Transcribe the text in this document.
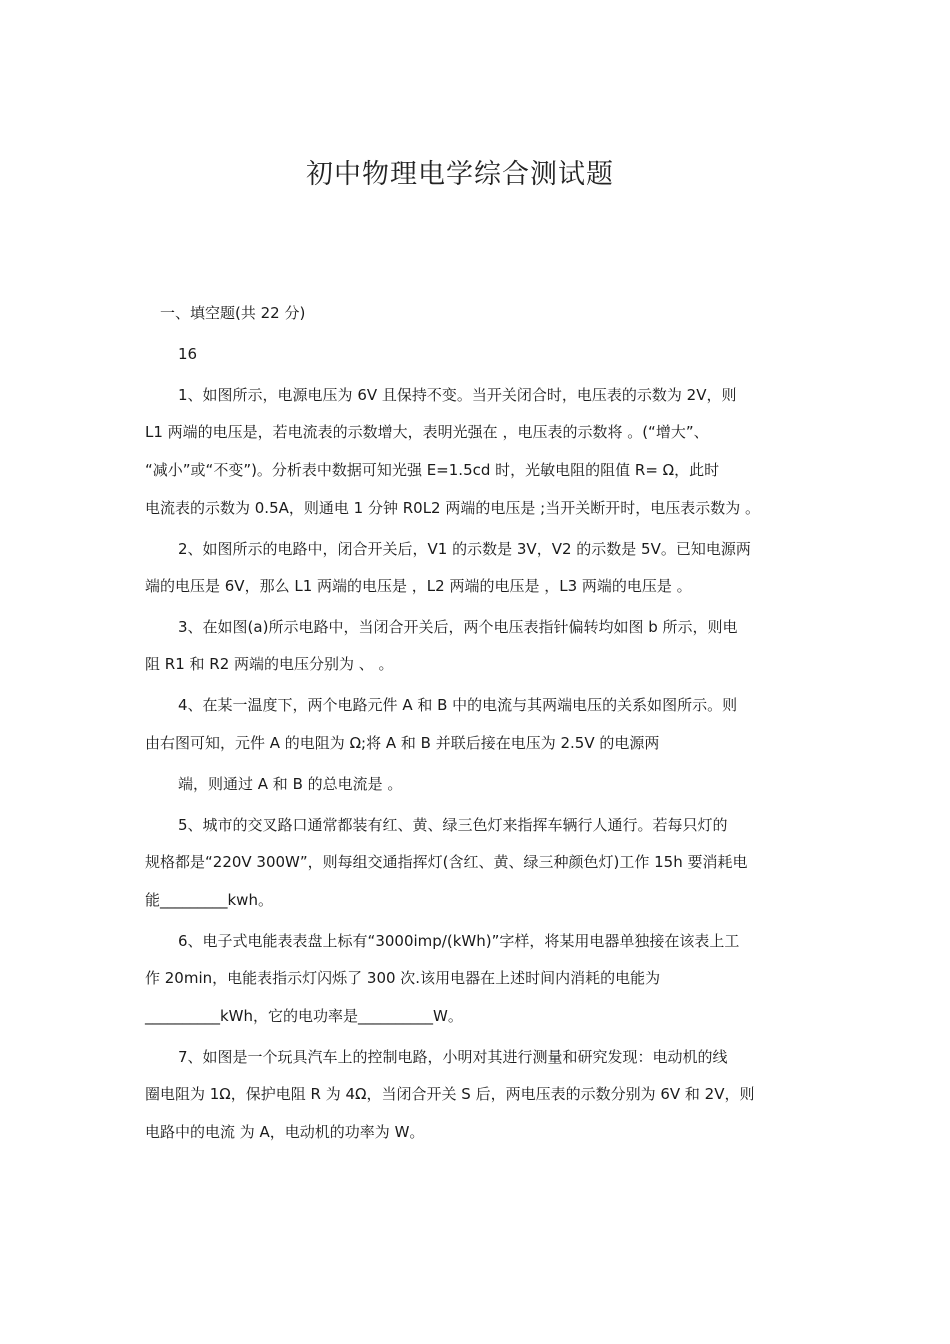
初中物理电学综合测试题
一、填空题(共 22 分)
16
1、如图所示，电源电压为 6V 且保持不变。当开关闭合时，电压表的示数为 2V，则
L1 两端的电压是，若电流表的示数增大，表明光强在 ，电压表的示数将 。(“增大”、
“减小”或“不变”)。分析表中数据可知光强 E=1.5cd 时，光敏电阻的阻值 R= Ω，此时
电流表的示数为 0.5A，则通电 1 分钟 R0L2 两端的电压是 ;当开关断开时，电压表示数为 。
2、如图所示的电路中，闭合开关后，V1 的示数是 3V，V2 的示数是 5V。已知电源两
端的电压是 6V，那么 L1 两端的电压是 ，L2 两端的电压是 ，L3 两端的电压是 。
3、在如图(a)所示电路中，当闭合开关后，两个电压表指针偏转均如图 b 所示，则电
阻 R1 和 R2 两端的电压分别为 、 。
4、在某一温度下，两个电路元件 A 和 B 中的电流与其两端电压的关系如图所示。则
由右图可知，元件 A 的电阻为 Ω;将 A 和 B 并联后接在电压为 2.5V 的电源两
端，则通过 A 和 B 的总电流是 。
5、城市的交叉路口通常都装有红、黄、绿三色灯来指挥车辆行人通行。若每只灯的
规格都是“220V 300W”，则每组交通指挥灯(含红、黄、绿三种颜色灯)工作 15h 要消耗电
能_________kwh。
6、电子式电能表表盘上标有“3000imp/(kWh)”字样，将某用电器单独接在该表上工
作 20min，电能表指示灯闪烁了 300 次.该用电器在上述时间内消耗的电能为
__________kWh，它的电功率是__________W。
7、如图是一个玩具汽车上的控制电路，小明对其进行测量和研究发现：电动机的线
圈电阻为 1Ω，保护电阻 R 为 4Ω，当闭合开关 S 后，两电压表的示数分别为 6V 和 2V，则
电路中的电流 为 A，电动机的功率为 W。
